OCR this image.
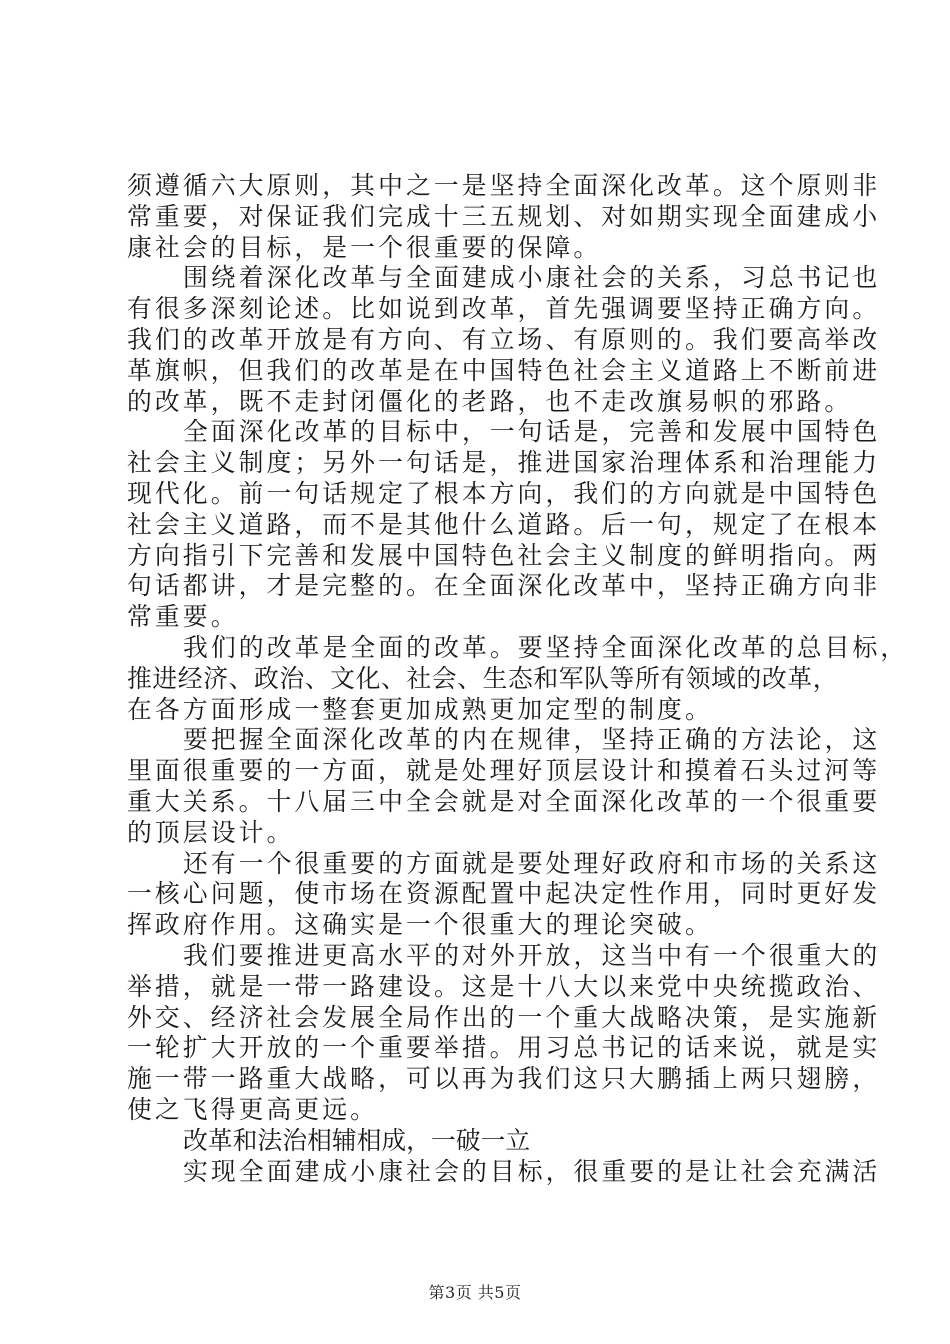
须遵循六大原则，其中之一是坚持全面深化改革。这个原则非
常重要，对保证我们完成十三五规划、对如期实现全面建成小
康社会的目标，是一个很重要的保障。
围绕着深化改革与全面建成小康社会的关系，习总书记也
有很多深刻论述。比如说到改革，首先强调要坚持正确方向。
我们的改革开放是有方向、有立场、有原则的。我们要高举改
革旗帜，但我们的改革是在中国特色社会主义道路上不断前进
的改革，既不走封闭僵化的老路，也不走改旗易帜的邪路。
全面深化改革的目标中，一句话是，完善和发展中国特色
社会主义制度；另外一句话是，推进国家治理体系和治理能力
现代化。前一句话规定了根本方向，我们的方向就是中国特色
社会主义道路，而不是其他什么道路。后一句，规定了在根本
方向指引下完善和发展中国特色社会主义制度的鲜明指向。两
句话都讲，才是完整的。在全面深化改革中，坚持正确方向非
常重要。
我们的改革是全面的改革。要坚持全面深化改革的总目标，
推进经济、政治、文化、社会、生态和军队等所有领域的改革，
在各方面形成一整套更加成熟更加定型的制度。
要把握全面深化改革的内在规律，坚持正确的方法论，这
里面很重要的一方面，就是处理好顶层设计和摸着石头过河等
重大关系。十八届三中全会就是对全面深化改革的一个很重要
的顶层设计。
还有一个很重要的方面就是要处理好政府和市场的关系这
一核心问题，使市场在资源配置中起决定性作用，同时更好发
挥政府作用。这确实是一个很重大的理论突破。
我们要推进更高水平的对外开放，这当中有一个很重大的
举措，就是一带一路建设。这是十八大以来党中央统揽政治、
外交、经济社会发展全局作出的一个重大战略决策，是实施新
一轮扩大开放的一个重要举措。用习总书记的话来说，就是实
施一带一路重大战略，可以再为我们这只大鹏插上两只翅膀，
使之飞得更高更远。
改革和法治相辅相成，一破一立
实现全面建成小康社会的目标，很重要的是让社会充满活
第3页 共5页
